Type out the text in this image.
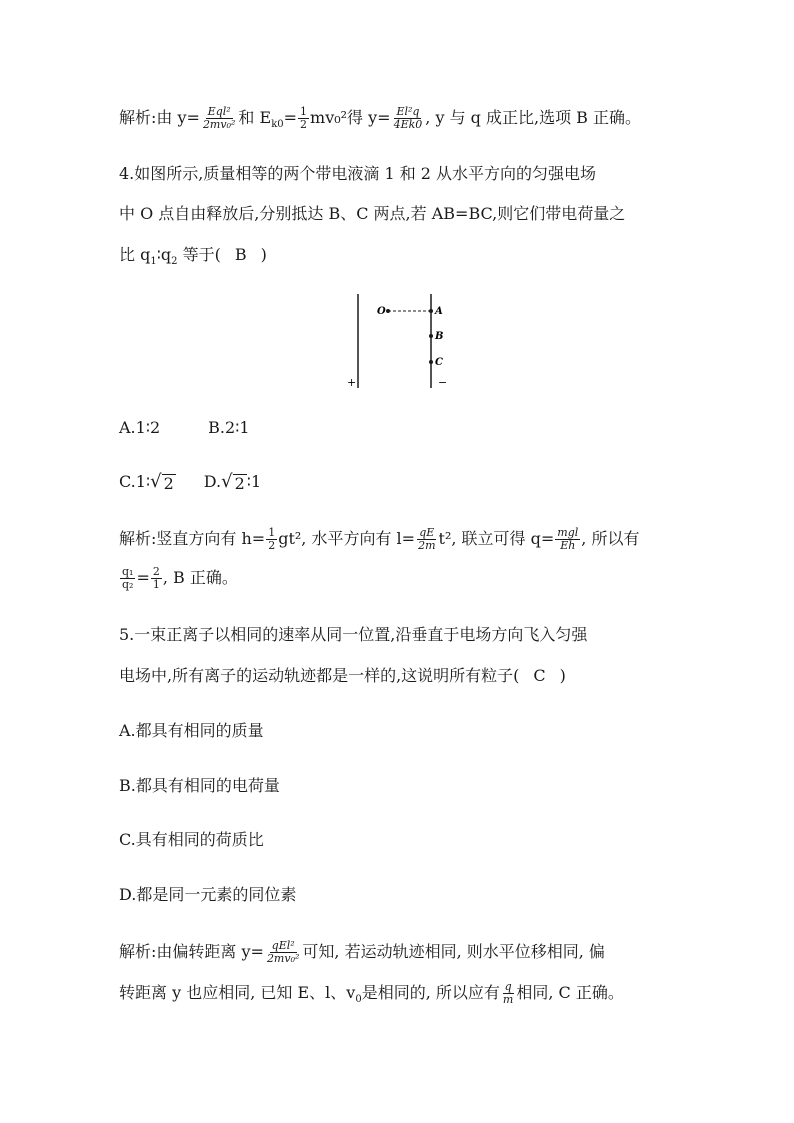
解析:由 $y= \frac{\text{Eql²}}{\text{2mv₀²}}$ 和 $E_{k0}= \frac{1}{2} mv_0^2$得 $y= \frac{\text{El²q}}{4Ek0}$ , y 与 q 成正比,选项 B 正确。
4.如图所示,质量相等的两个带电液滴 1 和 2 从水平方向的匀强电场
中 O 点自由释放后,分别抵达 B、C 两点,若 AB=BC,则它们带电荷量之
比 $q_1∶q_2$ 等于( B )
O	A
B
C
+	−
A.1∶2	B.2∶1
C.1∶ √ 2 D. √ 2 ∶1
解析:竖直方向有 $h= \frac{1}{2} gt^2$, 水平方向有 $l= \frac{qE}{2m} t^2$, 联立可得 $q= \frac{\text{mgl}}{Eh}$ , 所以有
$\frac{\text{q₁}}{\text{q₂}} = \frac{2}{1}$ , B 正确。
5.一束正离子以相同的速率从同一位置,沿垂直于电场方向飞入匀强
电场中,所有离子的运动轨迹都是一样的,这说明所有粒子( C )
A.都具有相同的质量
B.都具有相同的电荷量
C.具有相同的荷质比
D.都是同一元素的同位素
解析:由偏转距离 $y= \frac{\text{qEl²}}{\text{2mv₀²}}$ 可知, 若运动轨迹相同, 则水平位移相同, 偏
转距离 y 也应相同, 已知 E、l、$v_0$是相同的, 所以应有 $\frac{q}{m}$ 相同, C 正确。
